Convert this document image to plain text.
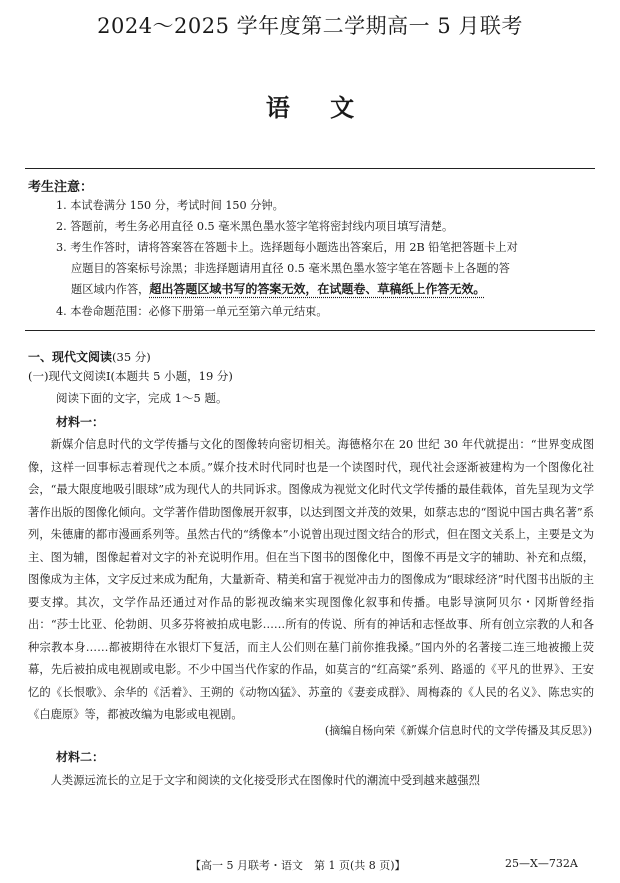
2024～2025 学年度第二学期高一 5 月联考
语 文
考生注意：
1. 本试卷满分 150 分，考试时间 150 分钟。
2. 答题前，考生务必用直径 0.5 毫米黑色墨水签字笔将密封线内项目填写清楚。
3. 考生作答时，请将答案答在答题卡上。选择题每小题选出答案后，用 2B 铅笔把答题卡上对
应题目的答案标号涂黑；非选择题请用直径 0.5 毫米黑色墨水签字笔在答题卡上各题的答
题区域内作答，超出答题区域书写的答案无效，在试题卷、草稿纸上作答无效。
4. 本卷命题范围：必修下册第一单元至第六单元结束。
一、现代文阅读(35 分)
(一)现代文阅读Ⅰ(本题共 5 小题，19 分)
阅读下面的文字，完成 1～5 题。
材料一：

新媒介信息时代的文学传播与文化的图像转向密切相关。海德格尔在 20 世纪 30 年代就提出：“世界变成图像，这样一回事标志着现代之本质。”媒介技术时代同时也是一个读图时代，现代社会逐渐被建构为一个图像化社会，“最大限度地吸引眼球”成为现代人的共同诉求。图像成为视觉文化时代文学传播的最佳载体，首先呈现为文学著作出版的图像化倾向。文学著作借助图像展开叙事，以达到图文并茂的效果，如蔡志忠的“图说中国古典名著”系列，朱德庸的都市漫画系列等。虽然古代的“绣像本”小说曾出现过图文结合的形式，但在图文关系上，主要是文为主、图为辅，图像起着对文字的补充说明作用。但在当下图书的图像化中，图像不再是文字的辅助、补充和点缀，图像成为主体，文字反过来成为配角，大量新奇、精美和富于视觉冲击力的图像成为“眼球经济”时代图书出版的主要支撑。其次，文学作品还通过对作品的影视改编来实现图像化叙事和传播。电影导演阿贝尔・冈斯曾经指出：“莎士比亚、伦勃朗、贝多芬将被拍成电影……所有的传说、所有的神话和志怪故事、所有创立宗教的人和各种宗教本身……都被期待在水银灯下复活，而主人公们则在墓门前你推我搡。”国内外的名著接二连三地被搬上荧幕，先后被拍成电视剧或电影。不少中国当代作家的作品，如莫言的“红高粱”系列、路遥的《平凡的世界》、王安忆的《长恨歌》、余华的《活着》、王朔的《动物凶猛》、苏童的《妻妾成群》、周梅森的《人民的名义》、陈忠实的《白鹿原》等，都被改编为电影或电视剧。

(摘编自杨向荣《新媒介信息时代的文学传播及其反思》)
材料二：

人类源远流长的立足于文字和阅读的文化接受形式在图像时代的潮流中受到越来越强烈

【高一 5 月联考・语文　第 1 页(共 8 页)】	25—X—732A
